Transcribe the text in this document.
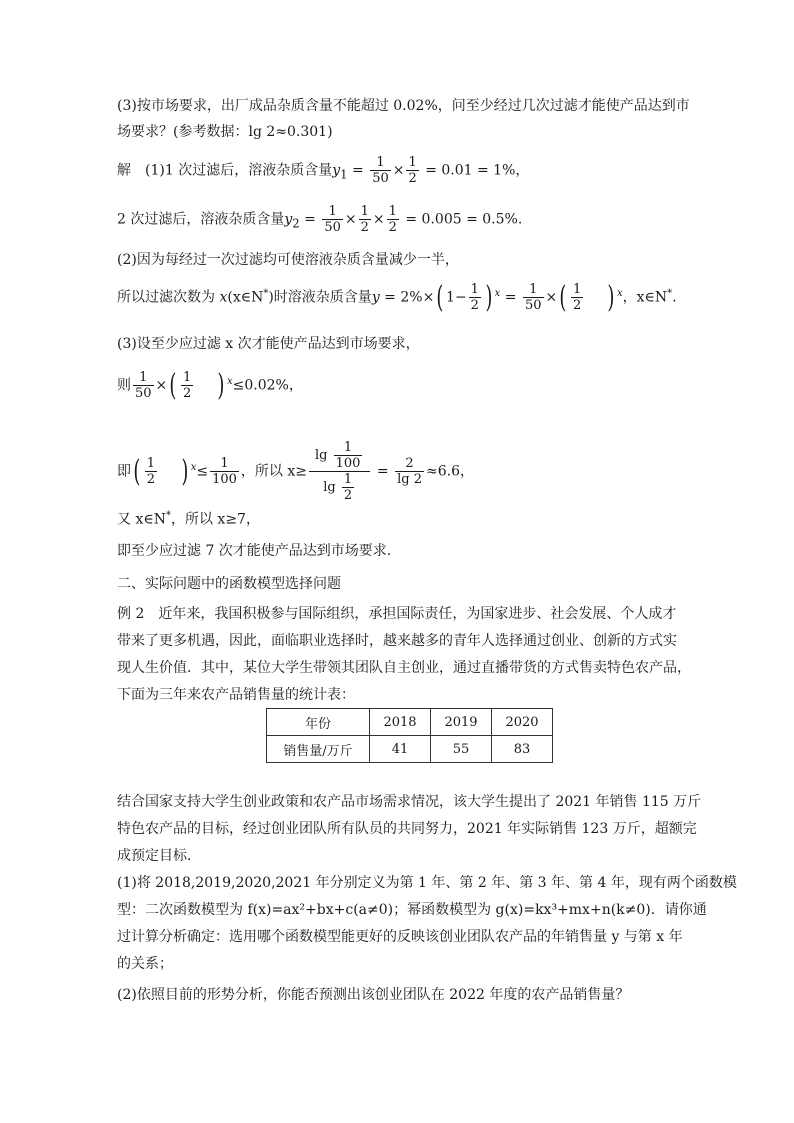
(3)按市场要求，出厂成品杂质含量不能超过 0.02%，问至少经过几次过滤才能使产品达到市
场要求？(参考数据：lg 2≈0.301)
解　(1)1 次过滤后，溶液杂质含量$y_1 = \frac{1}{50} \times \frac{1}{2} = 0.01 = 1\%$，
2 次过滤后，溶液杂质含量$y_2 = \frac{1}{50} \times \frac{1}{2} \times \frac{1}{2} = 0.005 = 0.5\%$.
(2)因为每经过一次过滤均可使溶液杂质含量减少一半，
所以过滤次数为 x(x∈N*)时溶液杂质含量y = 2%×( $1- \frac{1}{2}$ ) $^x = \frac{1}{50}$ ×( $\frac{1}{2}$ ) $^x$，x∈N*.
(3)设至少应过滤 x 次才能使产品达到市场要求，
则 $\frac{1}{50}$ ×( $\frac{1}{2}$ ) $^x$≤0.02%，
即( $\frac{1}{2}$ ) $^x\le \frac{1}{100}$ ，所以 $x\ge \frac{\lg \frac{1}{100}}{\lg \frac{1}{2}} = \frac{2}{\lg 2} \approx 6.6$，
又 x∈N*，所以 x≥7，
即至少应过滤 7 次才能使产品达到市场要求．
二、实际问题中的函数模型选择问题
例 2　近年来，我国积极参与国际组织，承担国际责任，为国家进步、社会发展、个人成才
带来了更多机遇，因此，面临职业选择时，越来越多的青年人选择通过创业、创新的方式实
现人生价值．其中，某位大学生带领其团队自主创业，通过直播带货的方式售卖特色农产品，
下面为三年来农产品销售量的统计表：
年份	2018	2019	2020
销售量/万斤	41	55	83
结合国家支持大学生创业政策和农产品市场需求情况，该大学生提出了 2021 年销售 115 万斤
特色农产品的目标，经过创业团队所有队员的共同努力，2021 年实际销售 123 万斤，超额完
成预定目标．
(1)将 2018,2019,2020,2021 年分别定义为第 1 年、第 2 年、第 3 年、第 4 年，现有两个函数模
型：二次函数模型为 f(x)=ax²+bx+c(a≠0)；幂函数模型为 g(x)=kx³+mx+n(k≠0)．请你通
过计算分析确定：选用哪个函数模型能更好的反映该创业团队农产品的年销售量 y 与第 x 年
的关系；
(2)依照目前的形势分析，你能否预测出该创业团队在 2022 年度的农产品销售量？
